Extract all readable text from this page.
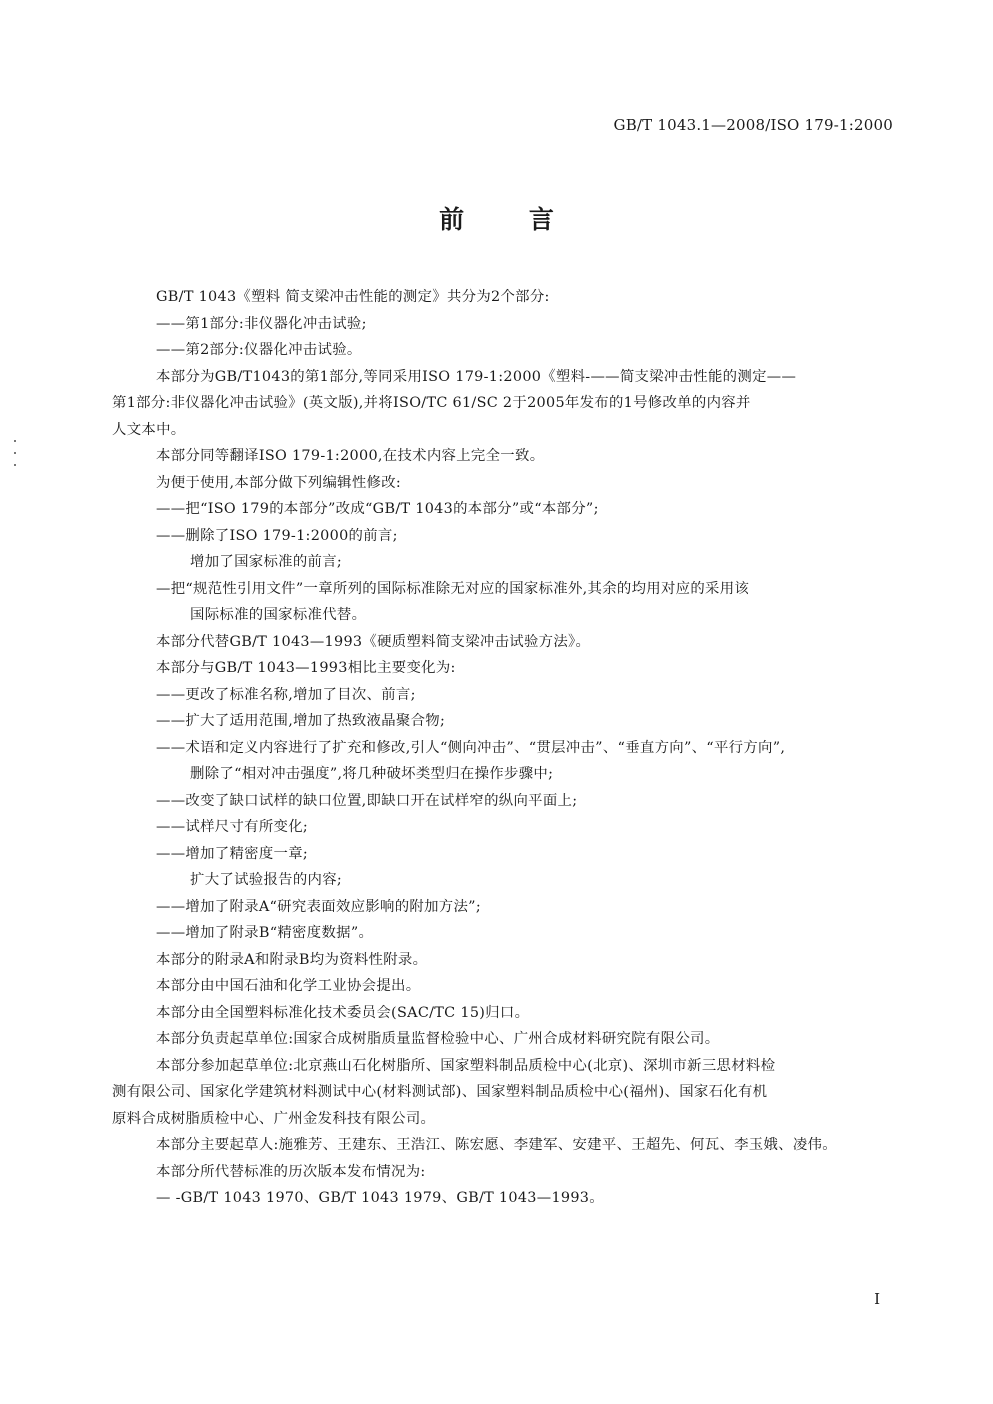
GB/T 1043.1—2008/ISO 179-1:2000
前 言

GB/T 1043《塑料 简支梁冲击性能的测定》共分为2个部分:

——第1部分:非仪器化冲击试验;

——第2部分:仪器化冲击试验。

本部分为GB/T1043的第1部分,等同采用ISO 179-1:2000《塑料-——简支梁冲击性能的测定——

第1部分:非仪器化冲击试验》(英文版),并将ISO/TC 61/SC 2于2005年发布的1号修改单的内容并

人文本中。

本部分同等翻译ISO 179-1:2000,在技术内容上完全一致。

为便于使用,本部分做下列编辑性修改:

——把“ISO 179的本部分”改成“GB/T 1043的本部分”或“本部分”;

——删除了ISO 179-1:2000的前言;

增加了国家标准的前言;

—把“规范性引用文件”一章所列的国际标准除无对应的国家标准外,其余的均用对应的采用该

国际标准的国家标准代替。

本部分代替GB/T 1043—1993《硬质塑料简支梁冲击试验方法》。

本部分与GB/T 1043—1993相比主要变化为:

——更改了标准名称,增加了目次、前言;

——扩大了适用范围,增加了热致液晶聚合物;

——术语和定义内容进行了扩充和修改,引人“侧向冲击”、“贯层冲击”、“垂直方向”、“平行方向”,

删除了“相对冲击强度”,将几种破坏类型归在操作步骤中;

——改变了缺口试样的缺口位置,即缺口开在试样窄的纵向平面上;

——试样尺寸有所变化;

——增加了精密度一章;

扩大了试验报告的内容;

——增加了附录A“研究表面效应影响的附加方法”;

——增加了附录B“精密度数据”。

本部分的附录A和附录B均为资料性附录。

本部分由中国石油和化学工业协会提出。

本部分由全国塑料标准化技术委员会(SAC/TC 15)归口。

本部分负责起草单位:国家合成树脂质量监督检验中心、广州合成材料研究院有限公司。

本部分参加起草单位:北京燕山石化树脂所、国家塑料制品质检中心(北京)、深圳市新三思材料检

测有限公司、国家化学建筑材料测试中心(材料测试部)、国家塑料制品质检中心(福州)、国家石化有机

原料合成树脂质检中心、广州金发科技有限公司。

本部分主要起草人:施雅芳、王建东、王浩江、陈宏愿、李建军、安建平、王超先、何瓦、李玉娥、凌伟。

本部分所代替标准的历次版本发布情况为:

— -GB/T 1043 1970、GB/T 1043 1979、GB/T 1043—1993。

I
